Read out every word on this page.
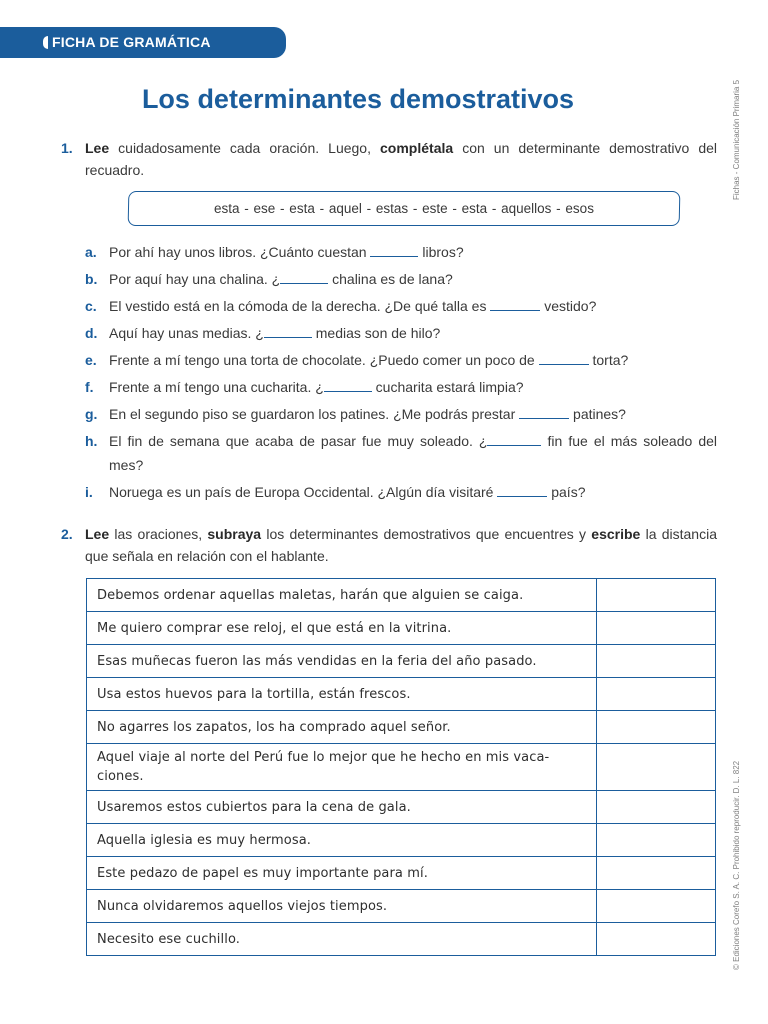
FICHA DE GRAMÁTICA
Los determinantes demostrativos	Fichas - Comunicación Primaria 5
© Ediciones Corefo S. A. C. Prohibido reproducir. D. L. 822
1. Lee cuidadosamente cada oración. Luego, complétala con un determinante demostrativo del recuadro.
esta - ese - esta - aquel - estas - este - esta - aquellos - esos
a. Por ahí hay unos libros. ¿Cuánto cuestan	libros?
b. Por aquí hay una chalina. ¿	chalina es de lana?
c. El vestido está en la cómoda de la derecha. ¿De qué talla es	vestido?
d. Aquí hay unas medias. ¿	medias son de hilo?
e. Frente a mí tengo una torta de chocolate. ¿Puedo comer un poco de	torta?
f. Frente a mí tengo una cucharita. ¿	cucharita estará limpia?
g. En el segundo piso se guardaron los patines. ¿Me podrás prestar	patines?
h. El fin de semana que acaba de pasar fue muy soleado. ¿	fin fue el más soleado del mes?
i. Noruega es un país de Europa Occidental. ¿Algún día visitaré	país?
2. Lee las oraciones, subraya los determinantes demostrativos que encuentres y escribe la distancia que señala en relación con el hablante.
Debemos ordenar aquellas maletas, harán que alguien se caiga.	
Me quiero comprar ese reloj, el que está en la vitrina.	
Esas muñecas fueron las más vendidas en la feria del año pasado.	
Usa estos huevos para la tortilla, están frescos.	
No agarres los zapatos, los ha comprado aquel señor.	
Aquel viaje al norte del Perú fue lo mejor que he hecho en mis vacaciones.	
Usaremos estos cubiertos para la cena de gala.	
Aquella iglesia es muy hermosa.	
Este pedazo de papel es muy importante para mí.	
Nunca olvidaremos aquellos viejos tiempos.	
Necesito ese cuchillo.	
